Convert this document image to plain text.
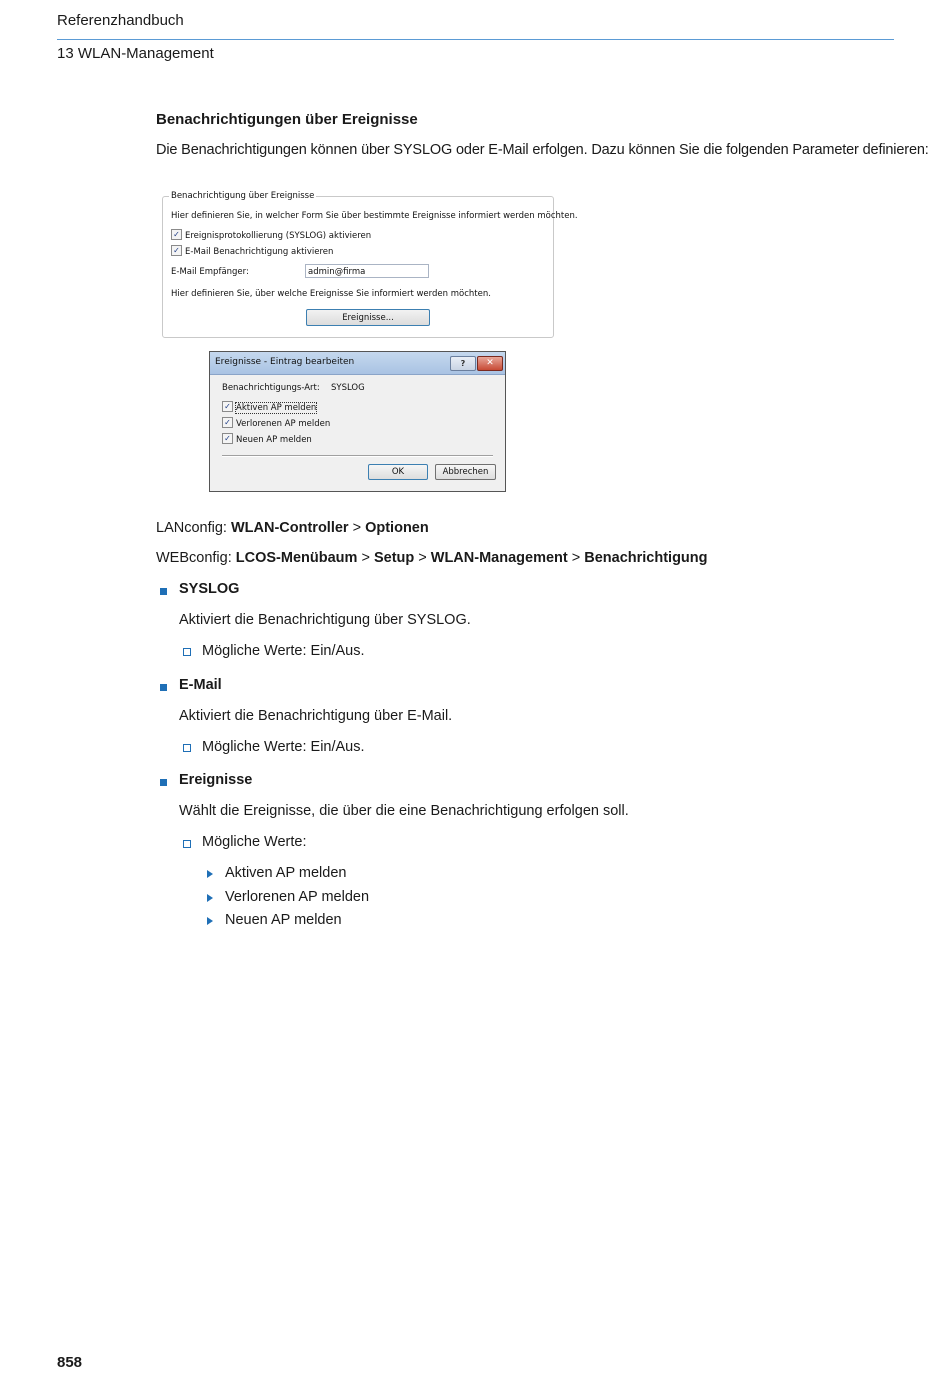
Referenzhandbuch
13 WLAN-Management
Benachrichtigungen über Ereignisse
Die Benachrichtigungen können über SYSLOG oder E-Mail erfolgen. Dazu können Sie die folgenden Parameter definieren:
Benachrichtigung über Ereignisse
Hier definieren Sie, in welcher Form Sie über bestimmte Ereignisse informiert werden möchten.
✓ Ereignisprotokollierung (SYSLOG) aktivieren
✓ E-Mail Benachrichtigung aktivieren
E-Mail Empfänger:	admin@firma
Hier definieren Sie, über welche Ereignisse Sie informiert werden möchten.
Ereignisse...
Ereignisse - Eintrag bearbeiten	?	✕
Benachrichtigungs-Art: SYSLOG
✓ Aktiven AP melden
✓ Verlorenen AP melden
✓ Neuen AP melden
OK	Abbrechen
LANconfig: WLAN-Controller > Optionen
WEBconfig: LCOS-Menübaum > Setup > WLAN-Management > Benachrichtigung
SYSLOG
Aktiviert die Benachrichtigung über SYSLOG.
Mögliche Werte: Ein/Aus.
E-Mail
Aktiviert die Benachrichtigung über E-Mail.
Mögliche Werte: Ein/Aus.
Ereignisse
Wählt die Ereignisse, die über die eine Benachrichtigung erfolgen soll.
Mögliche Werte:
Aktiven AP melden
Verlorenen AP melden
Neuen AP melden
858
